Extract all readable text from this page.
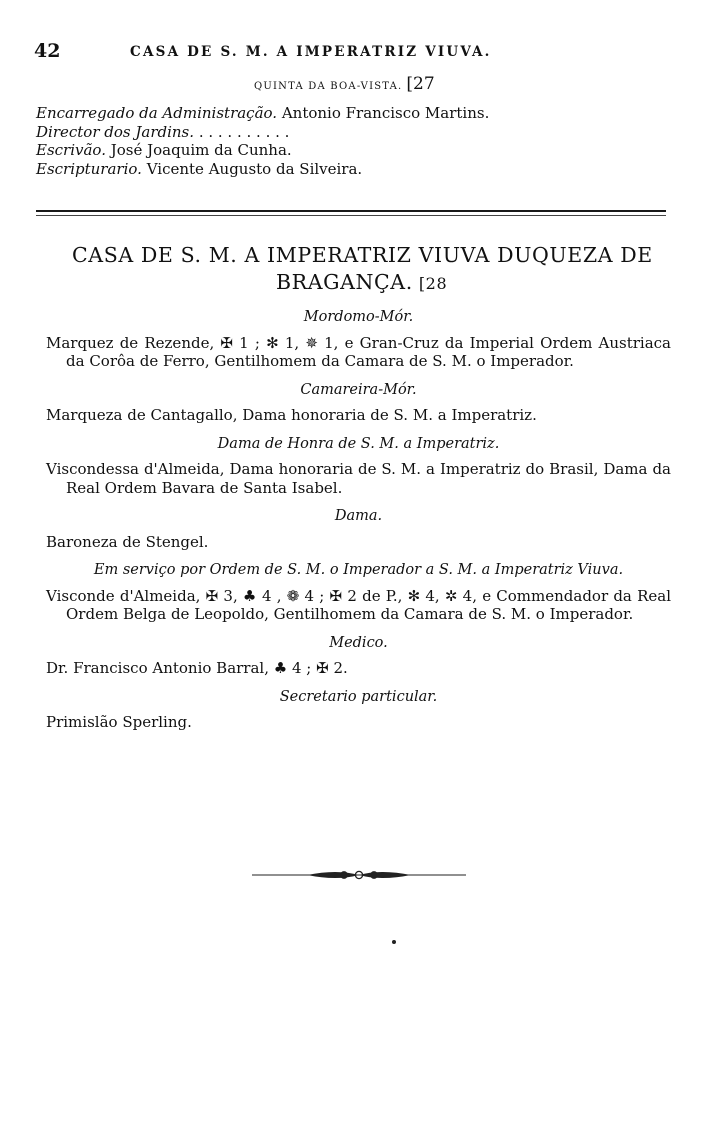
42	CASA DE S. M. A IMPERATRIZ VIUVA.
QUINTA DA BOA-VISTA. [27
Encarregado da Administração. Antonio Francisco Martins.
Director dos Jardins. . . . . . . . . . .
Escrivão. José Joaquim da Cunha.
Escripturario. Vicente Augusto da Silveira.
CASA DE S. M. A IMPERATRIZ VIUVA DUQUEZA DE
BRAGANÇA. [28
Mordomo-Mór.
Marquez de Rezende, ✠ 1 ; ✻ 1, ✵ 1, e Gran-Cruz da Imperial Ordem Austriaca da Corôa de Ferro, Gentilhomem da Camara de S. M. o Imperador.
Camareira-Mór.
Marqueza de Cantagallo, Dama honoraria de S. M. a Imperatriz.
Dama de Honra de S. M. a Imperatriz.
Viscondessa d'Almeida, Dama honoraria de S. M. a Imperatriz do Brasil, Dama da Real Ordem Bavara de Santa Isabel.
Dama.
Baroneza de Stengel.
Em serviço por Ordem de S. M. o Imperador a S. M. a Imperatriz Viuva.
Visconde d'Almeida, ✠ 3, ♣ 4 , ❁ 4 ; ✠ 2 de P., ✻ 4, ✲ 4, e Commendador da Real Ordem Belga de Leopoldo, Gentilhomem da Camara de S. M. o Imperador.
Medico.
Dr. Francisco Antonio Barral, ♣ 4 ; ✠ 2.
Secretario particular.
Primislão Sperling.
